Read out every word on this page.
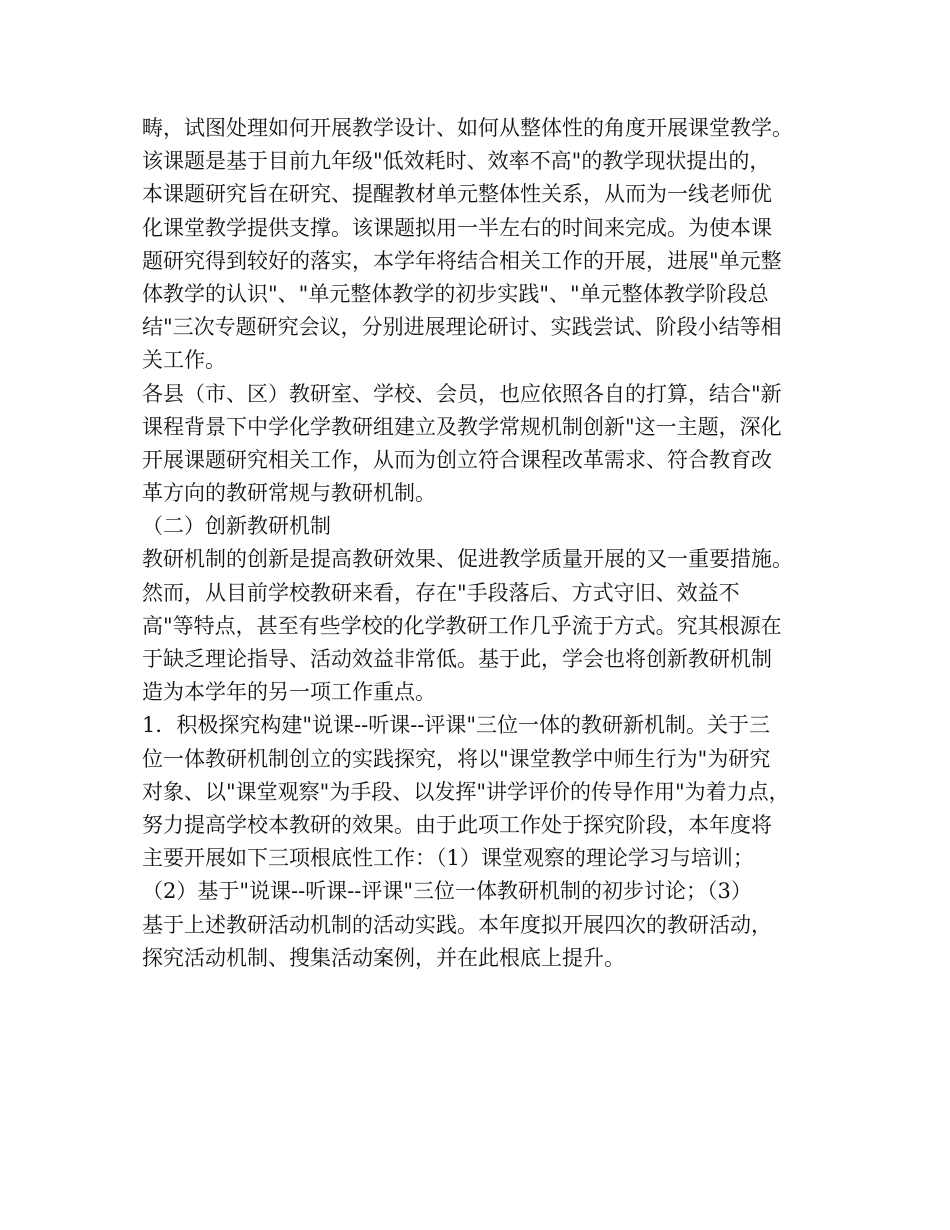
畴，试图处理如何开展教学设计、如何从整体性的角度开展课堂教学。
该课题是基于目前九年级"低效耗时、效率不高"的教学现状提出的，
本课题研究旨在研究、提醒教材单元整体性关系，从而为一线老师优
化课堂教学提供支撑。该课题拟用一半左右的时间来完成。为使本课
题研究得到较好的落实，本学年将结合相关工作的开展，进展"单元整
体教学的认识"、"单元整体教学的初步实践"、"单元整体教学阶段总
结"三次专题研究会议，分别进展理论研讨、实践尝试、阶段小结等相
关工作。
各县（市、区）教研室、学校、会员，也应依照各自的打算，结合"新
课程背景下中学化学教研组建立及教学常规机制创新"这一主题，深化
开展课题研究相关工作，从而为创立符合课程改革需求、符合教育改
革方向的教研常规与教研机制。
（二）创新教研机制
教研机制的创新是提高教研效果、促进教学质量开展的又一重要措施。
然而，从目前学校教研来看，存在"手段落后、方式守旧、效益不
高"等特点，甚至有些学校的化学教研工作几乎流于方式。究其根源在
于缺乏理论指导、活动效益非常低。基于此，学会也将创新教研机制
造为本学年的另一项工作重点。
1．积极探究构建"说课--听课--评课"三位一体的教研新机制。关于三
位一体教研机制创立的实践探究，将以"课堂教学中师生行为"为研究
对象、以"课堂观察"为手段、以发挥"讲学评价的传导作用"为着力点，
努力提高学校本教研的效果。由于此项工作处于探究阶段，本年度将
主要开展如下三项根底性工作：（1）课堂观察的理论学习与培训；
（2）基于"说课--听课--评课"三位一体教研机制的初步讨论；（3）
基于上述教研活动机制的活动实践。本年度拟开展四次的教研活动，
探究活动机制、搜集活动案例，并在此根底上提升。
